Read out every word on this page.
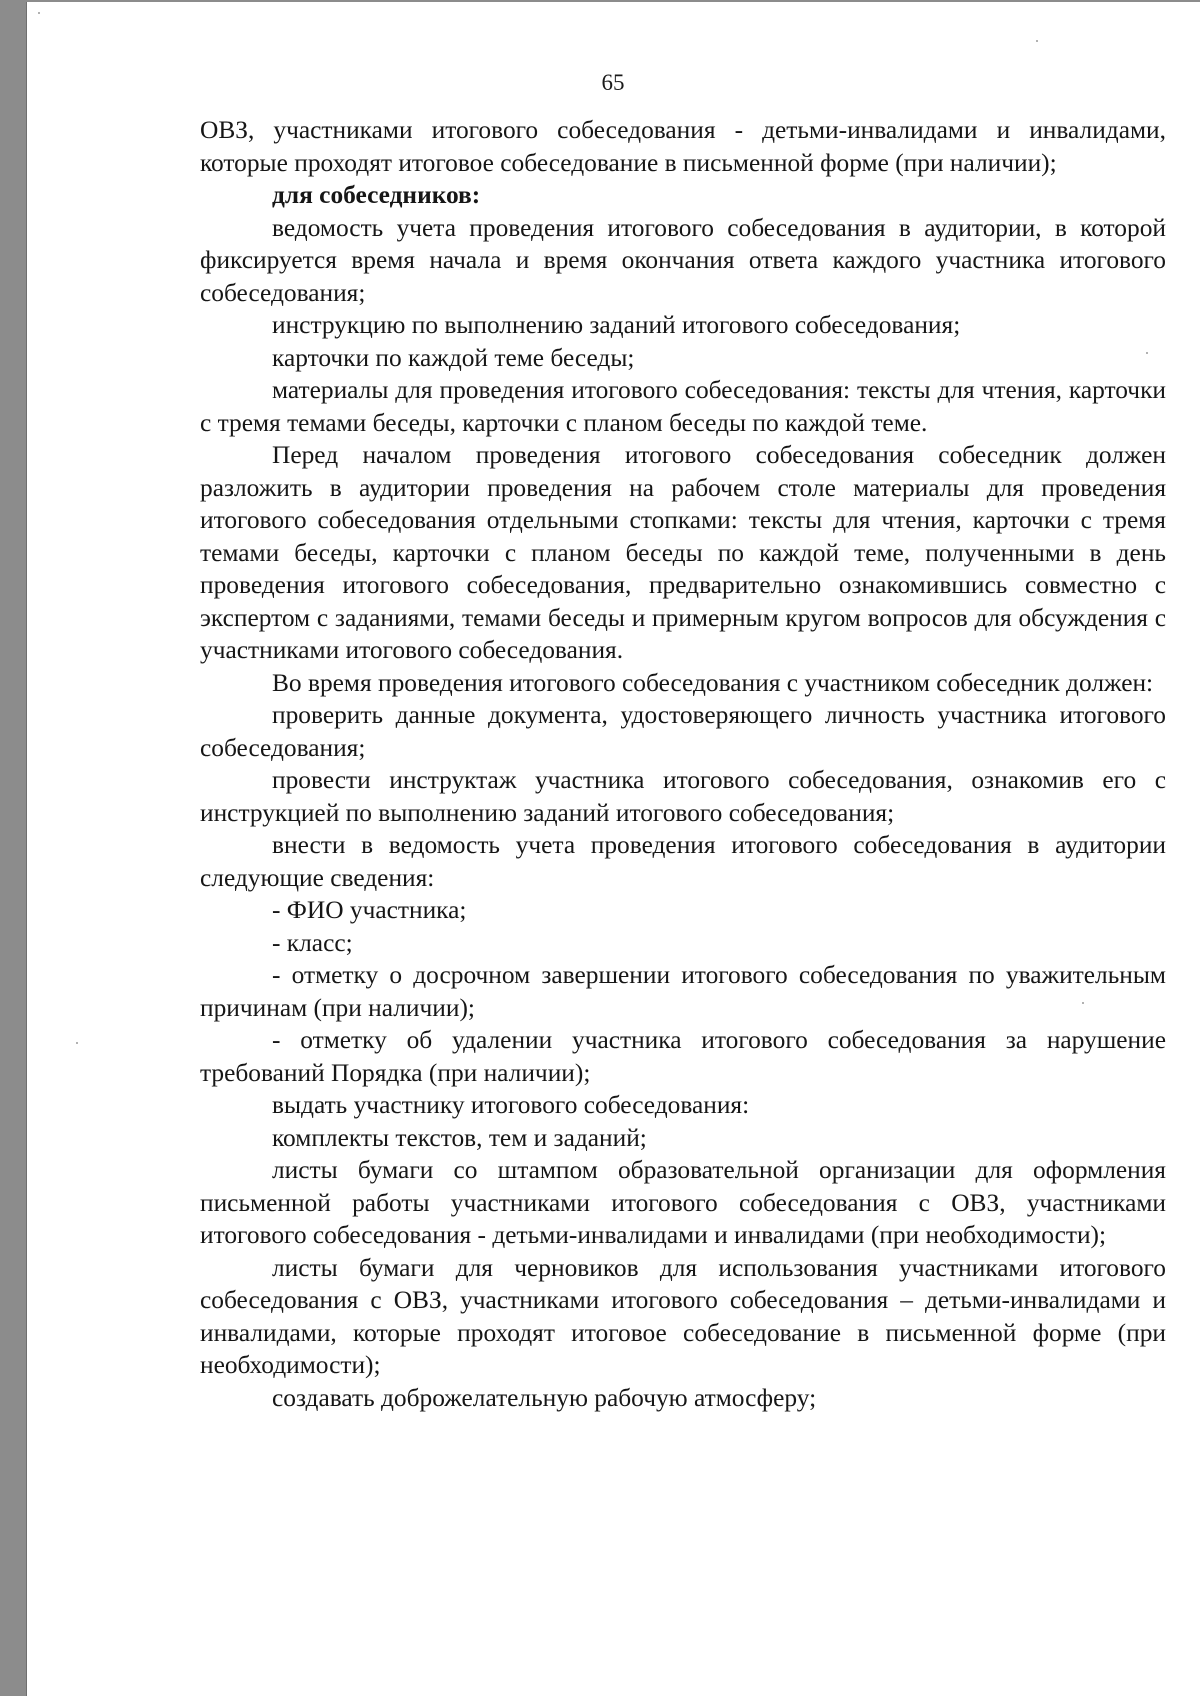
65

ОВЗ, участниками итогового собеседования - детьми-инвалидами и инвалидами, которые проходят итоговое собеседование в письменной форме (при наличии);

для собеседников:

ведомость учета проведения итогового собеседования в аудитории, в которой фиксируется время начала и время окончания ответа каждого участника итогового собеседования;

инструкцию по выполнению заданий итогового собеседования;

карточки по каждой теме беседы;

материалы для проведения итогового собеседования: тексты для чтения, карточки с тремя темами беседы, карточки с планом беседы по каждой теме.

Перед началом проведения итогового собеседования собеседник должен разложить в аудитории проведения на рабочем столе материалы для проведения итогового собеседования отдельными стопками: тексты для чтения, карточки с тремя темами беседы, карточки с планом беседы по каждой теме, полученными в день проведения итогового собеседования, предварительно ознакомившись совместно с экспертом с заданиями, темами беседы и примерным кругом вопросов для обсуждения с участниками итогового собеседования.

Во время проведения итогового собеседования с участником собеседник должен:

проверить данные документа, удостоверяющего личность участника итогового собеседования;

провести инструктаж участника итогового собеседования, ознакомив его с инструкцией по выполнению заданий итогового собеседования;

внести в ведомость учета проведения итогового собеседования в аудитории следующие сведения:

- ФИО участника;

- класс;

- отметку о досрочном завершении итогового собеседования по уважительным причинам (при наличии);

- отметку об удалении участника итогового собеседования за нарушение требований Порядка (при наличии);

выдать участнику итогового собеседования:

комплекты текстов, тем и заданий;

листы бумаги со штампом образовательной организации для оформления письменной работы участниками итогового собеседования с ОВЗ, участниками итогового собеседования - детьми-инвалидами и инвалидами (при необходимости);

листы бумаги для черновиков для использования участниками итогового собеседования с ОВЗ, участниками итогового собеседования – детьми-инвалидами и инвалидами, которые проходят итоговое собеседование в письменной форме (при необходимости);

создавать доброжелательную рабочую атмосферу;
